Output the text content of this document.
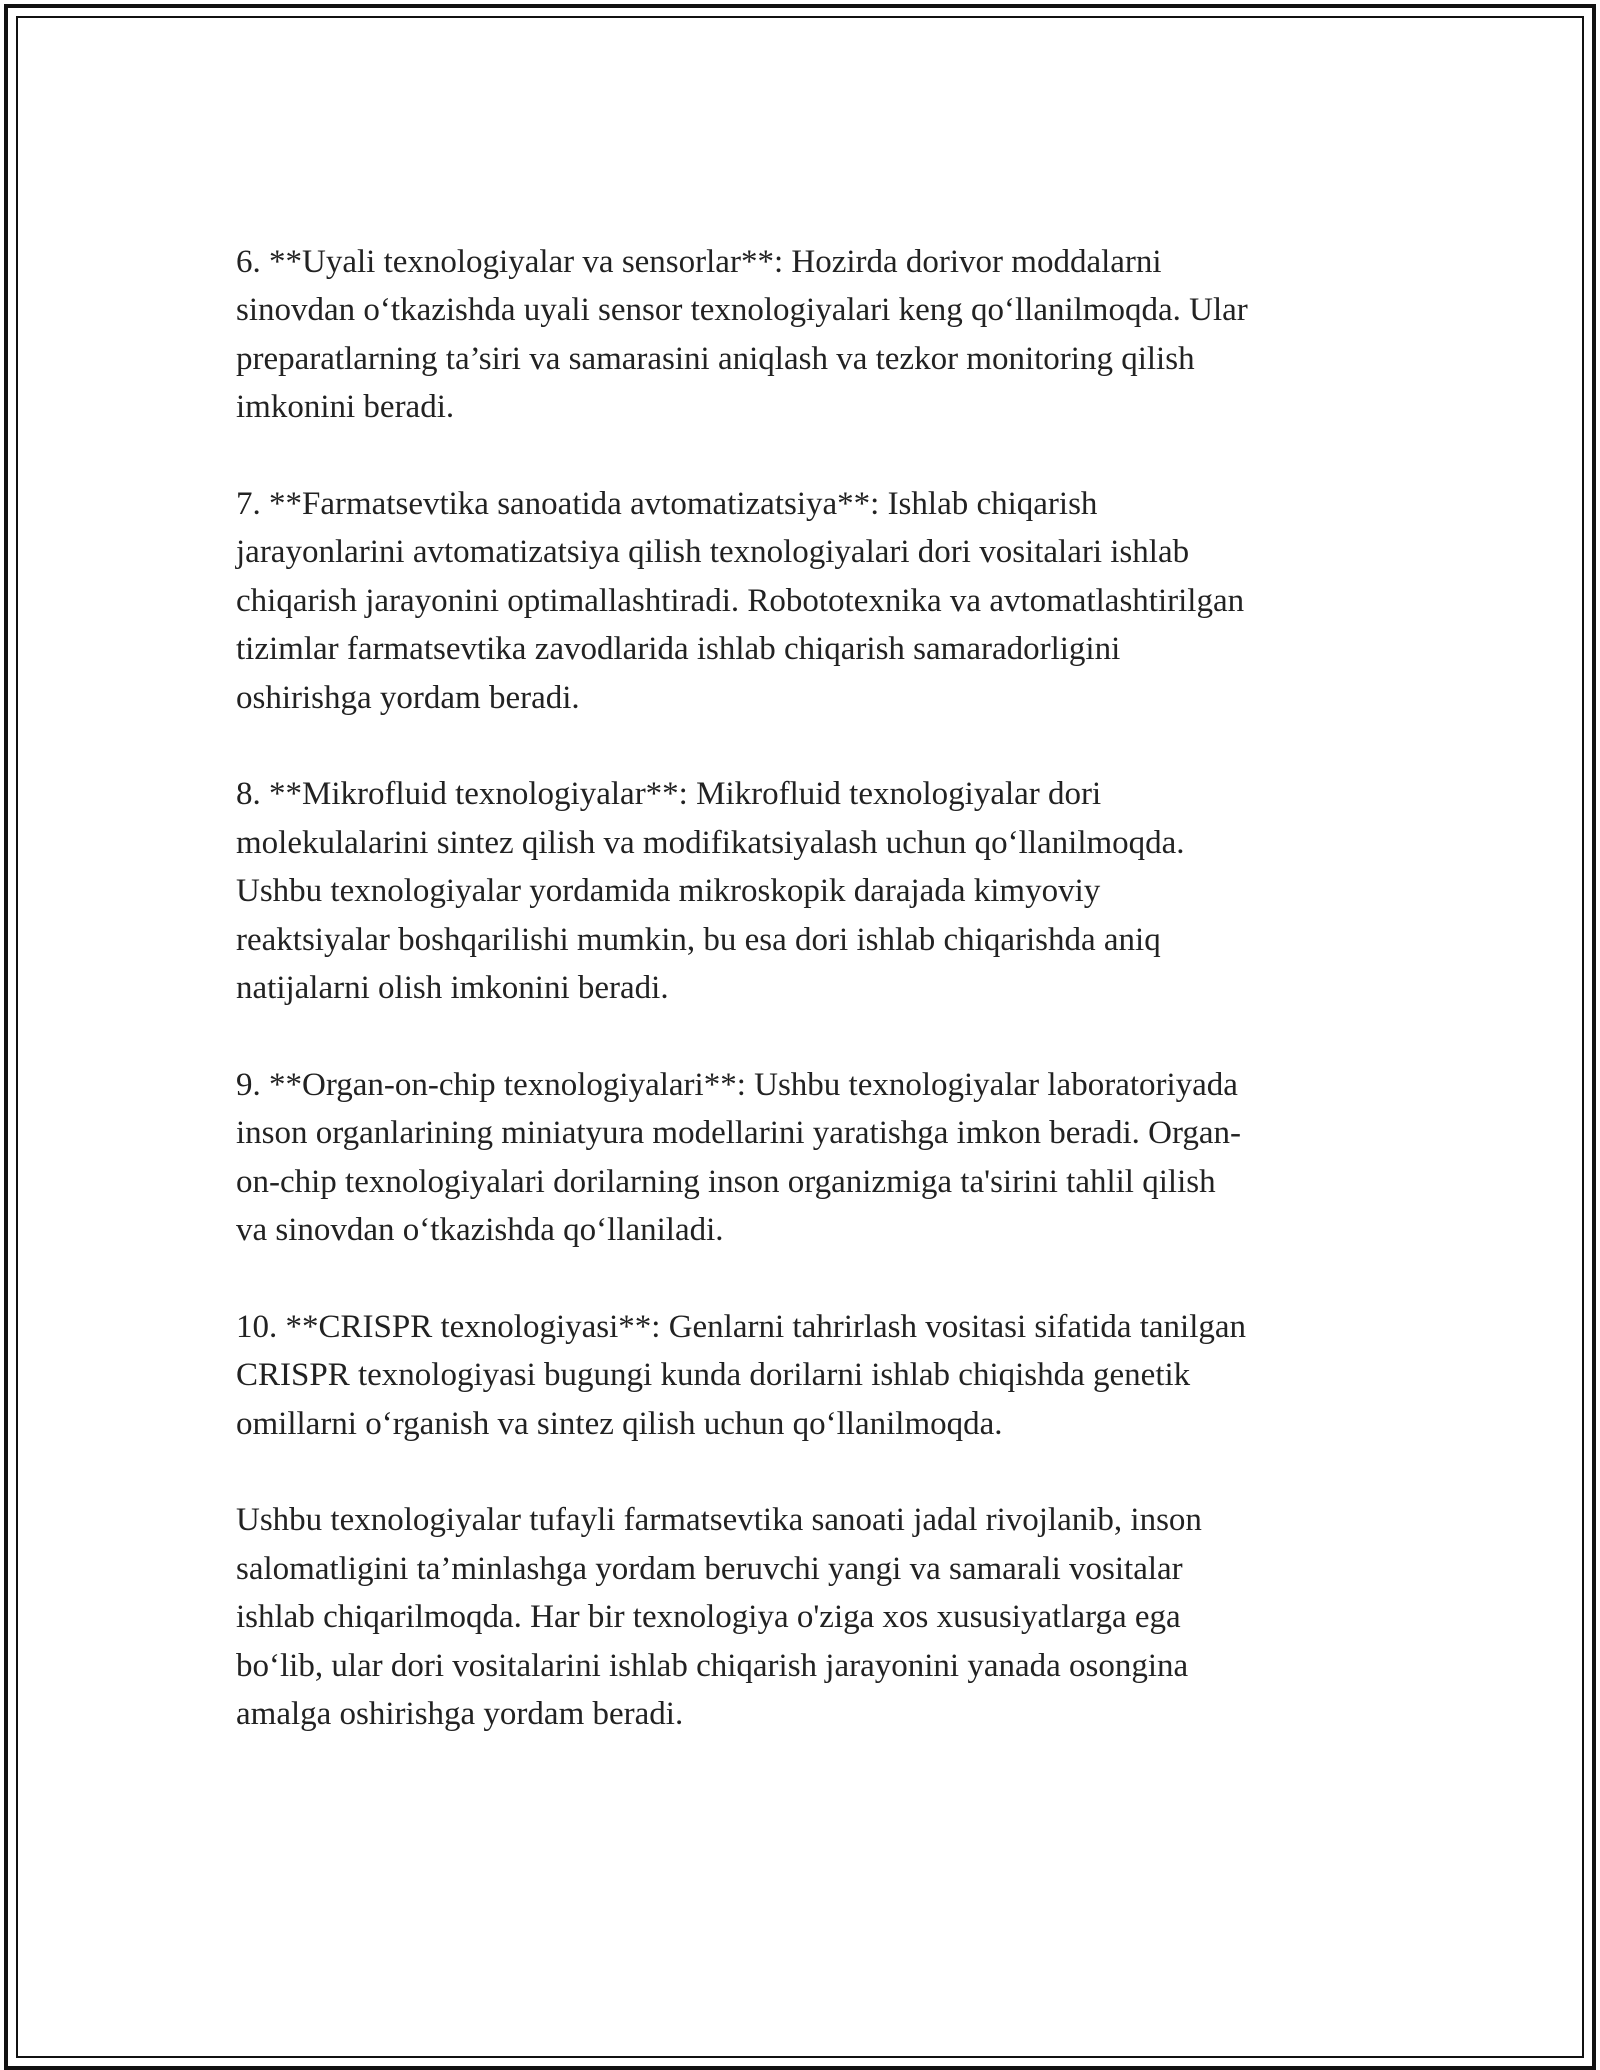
6. **Uyali texnologiyalar va sensorlar**: Hozirda dorivor moddalarni
sinovdan o‘tkazishda uyali sensor texnologiyalari keng qo‘llanilmoqda. Ular
preparatlarning ta’siri va samarasini aniqlash va tezkor monitoring qilish
imkonini beradi.

7. **Farmatsevtika sanoatida avtomatizatsiya**: Ishlab chiqarish
jarayonlarini avtomatizatsiya qilish texnologiyalari dori vositalari ishlab
chiqarish jarayonini optimallashtiradi. Robototexnika va avtomatlashtirilgan
tizimlar farmatsevtika zavodlarida ishlab chiqarish samaradorligini
oshirishga yordam beradi.

8. **Mikrofluid texnologiyalar**: Mikrofluid texnologiyalar dori
molekulalarini sintez qilish va modifikatsiyalash uchun qo‘llanilmoqda.
Ushbu texnologiyalar yordamida mikroskopik darajada kimyoviy
reaktsiyalar boshqarilishi mumkin, bu esa dori ishlab chiqarishda aniq
natijalarni olish imkonini beradi.

9. **Organ-on-chip texnologiyalari**: Ushbu texnologiyalar laboratoriyada
inson organlarining miniatyura modellarini yaratishga imkon beradi. Organ-
on-chip texnologiyalari dorilarning inson organizmiga ta'sirini tahlil qilish
va sinovdan o‘tkazishda qo‘llaniladi.

10. **CRISPR texnologiyasi**: Genlarni tahrirlash vositasi sifatida tanilgan
CRISPR texnologiyasi bugungi kunda dorilarni ishlab chiqishda genetik
omillarni o‘rganish va sintez qilish uchun qo‘llanilmoqda.

Ushbu texnologiyalar tufayli farmatsevtika sanoati jadal rivojlanib, inson
salomatligini ta’minlashga yordam beruvchi yangi va samarali vositalar
ishlab chiqarilmoqda. Har bir texnologiya o'ziga xos xususiyatlarga ega
bo‘lib, ular dori vositalarini ishlab chiqarish jarayonini yanada osongina
amalga oshirishga yordam beradi.
